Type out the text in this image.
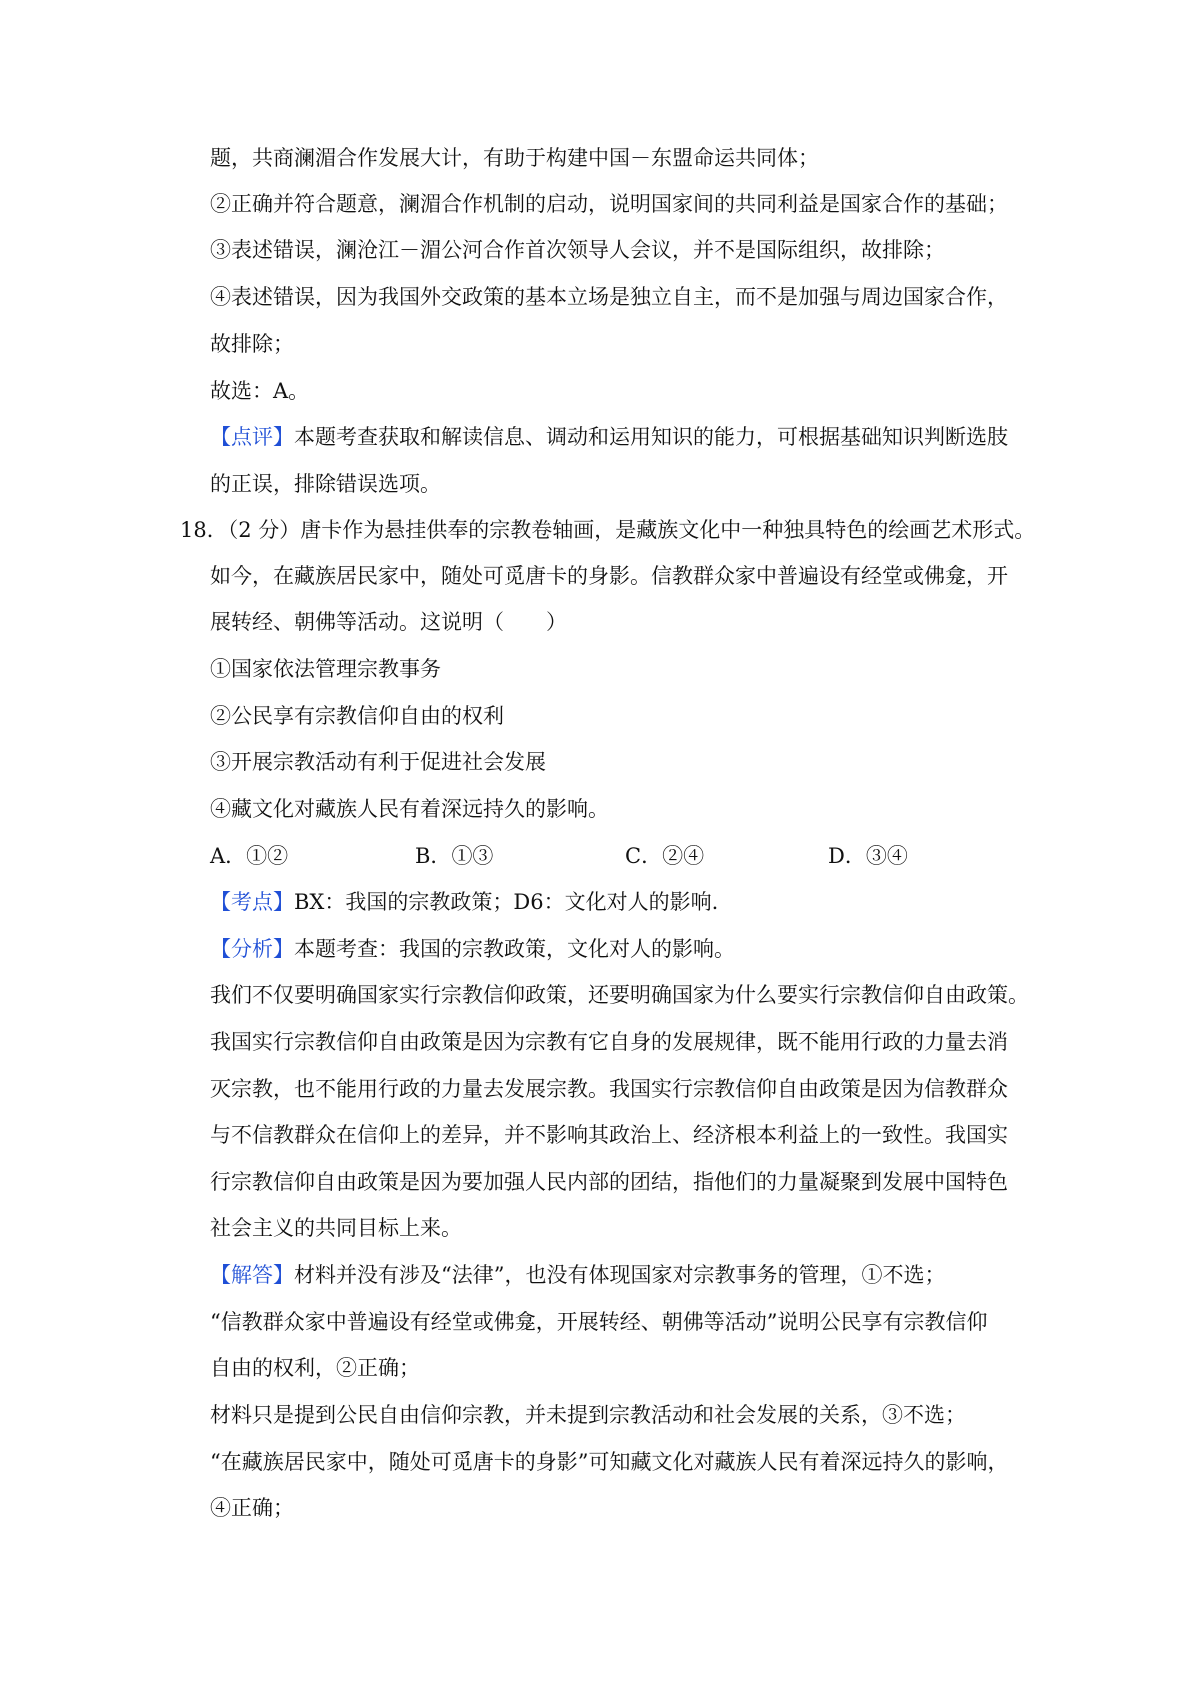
题，共商澜湄合作发展大计，有助于构建中国－东盟命运共同体；
②正确并符合题意，澜湄合作机制的启动，说明国家间的共同利益是国家合作的基础；
③表述错误，澜沧江－湄公河合作首次领导人会议，并不是国际组织，故排除；
④表述错误，因为我国外交政策的基本立场是独立自主，而不是加强与周边国家合作，
故排除；
故选：A。
【点评】本题考查获取和解读信息、调动和运用知识的能力，可根据基础知识判断选肢
的正误，排除错误选项。
18．（2 分）唐卡作为悬挂供奉的宗教卷轴画，是藏族文化中一种独具特色的绘画艺术形式。
如今，在藏族居民家中，随处可觅唐卡的身影。信教群众家中普遍设有经堂或佛龛，开
展转经、朝佛等活动。这说明（　　）
①国家依法管理宗教事务
②公民享有宗教信仰自由的权利
③开展宗教活动有利于促进社会发展
④藏文化对藏族人民有着深远持久的影响。
A．①②	B．①③	C．②④	D．③④
【考点】BX：我国的宗教政策；D6：文化对人的影响.
【分析】本题考查：我国的宗教政策，文化对人的影响。
我们不仅要明确国家实行宗教信仰政策，还要明确国家为什么要实行宗教信仰自由政策。
我国实行宗教信仰自由政策是因为宗教有它自身的发展规律，既不能用行政的力量去消
灭宗教，也不能用行政的力量去发展宗教。我国实行宗教信仰自由政策是因为信教群众
与不信教群众在信仰上的差异，并不影响其政治上、经济根本利益上的一致性。我国实
行宗教信仰自由政策是因为要加强人民内部的团结，指他们的力量凝聚到发展中国特色
社会主义的共同目标上来。
【解答】材料并没有涉及“法律”，也没有体现国家对宗教事务的管理，①不选；
“信教群众家中普遍设有经堂或佛龛，开展转经、朝佛等活动”说明公民享有宗教信仰
自由的权利，②正确；
材料只是提到公民自由信仰宗教，并未提到宗教活动和社会发展的关系，③不选；
“在藏族居民家中，随处可觅唐卡的身影”可知藏文化对藏族人民有着深远持久的影响，
④正确；
